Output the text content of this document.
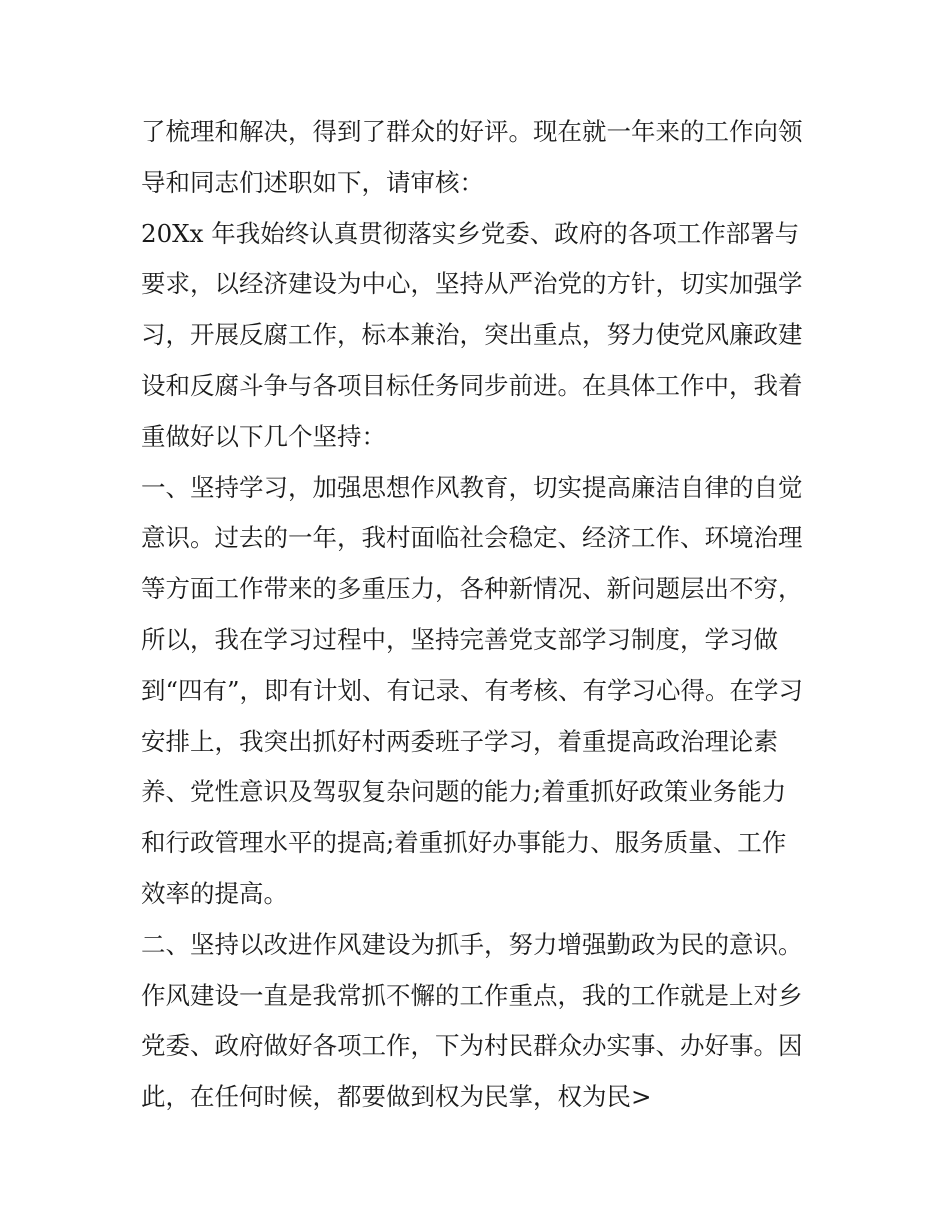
了梳理和解决，得到了群众的好评。现在就一年来的工作向领
导和同志们述职如下，请审核：
20Xx 年我始终认真贯彻落实乡党委、政府的各项工作部署与
要求，以经济建设为中心，坚持从严治党的方针，切实加强学
习，开展反腐工作，标本兼治，突出重点，努力使党风廉政建
设和反腐斗争与各项目标任务同步前进。在具体工作中，我着
重做好以下几个坚持：
一、坚持学习，加强思想作风教育，切实提高廉洁自律的自觉
意识。过去的一年，我村面临社会稳定、经济工作、环境治理
等方面工作带来的多重压力，各种新情况、新问题层出不穷，
所以，我在学习过程中，坚持完善党支部学习制度，学习做
到“四有”，即有计划、有记录、有考核、有学习心得。在学习
安排上，我突出抓好村两委班子学习，着重提高政治理论素
养、党性意识及驾驭复杂问题的能力;着重抓好政策业务能力
和行政管理水平的提高;着重抓好办事能力、服务质量、工作
效率的提高。
二、坚持以改进作风建设为抓手，努力增强勤政为民的意识。
作风建设一直是我常抓不懈的工作重点，我的工作就是上对乡
党委、政府做好各项工作，下为村民群众办实事、办好事。因
此，在任何时候，都要做到权为民掌，权为民>
